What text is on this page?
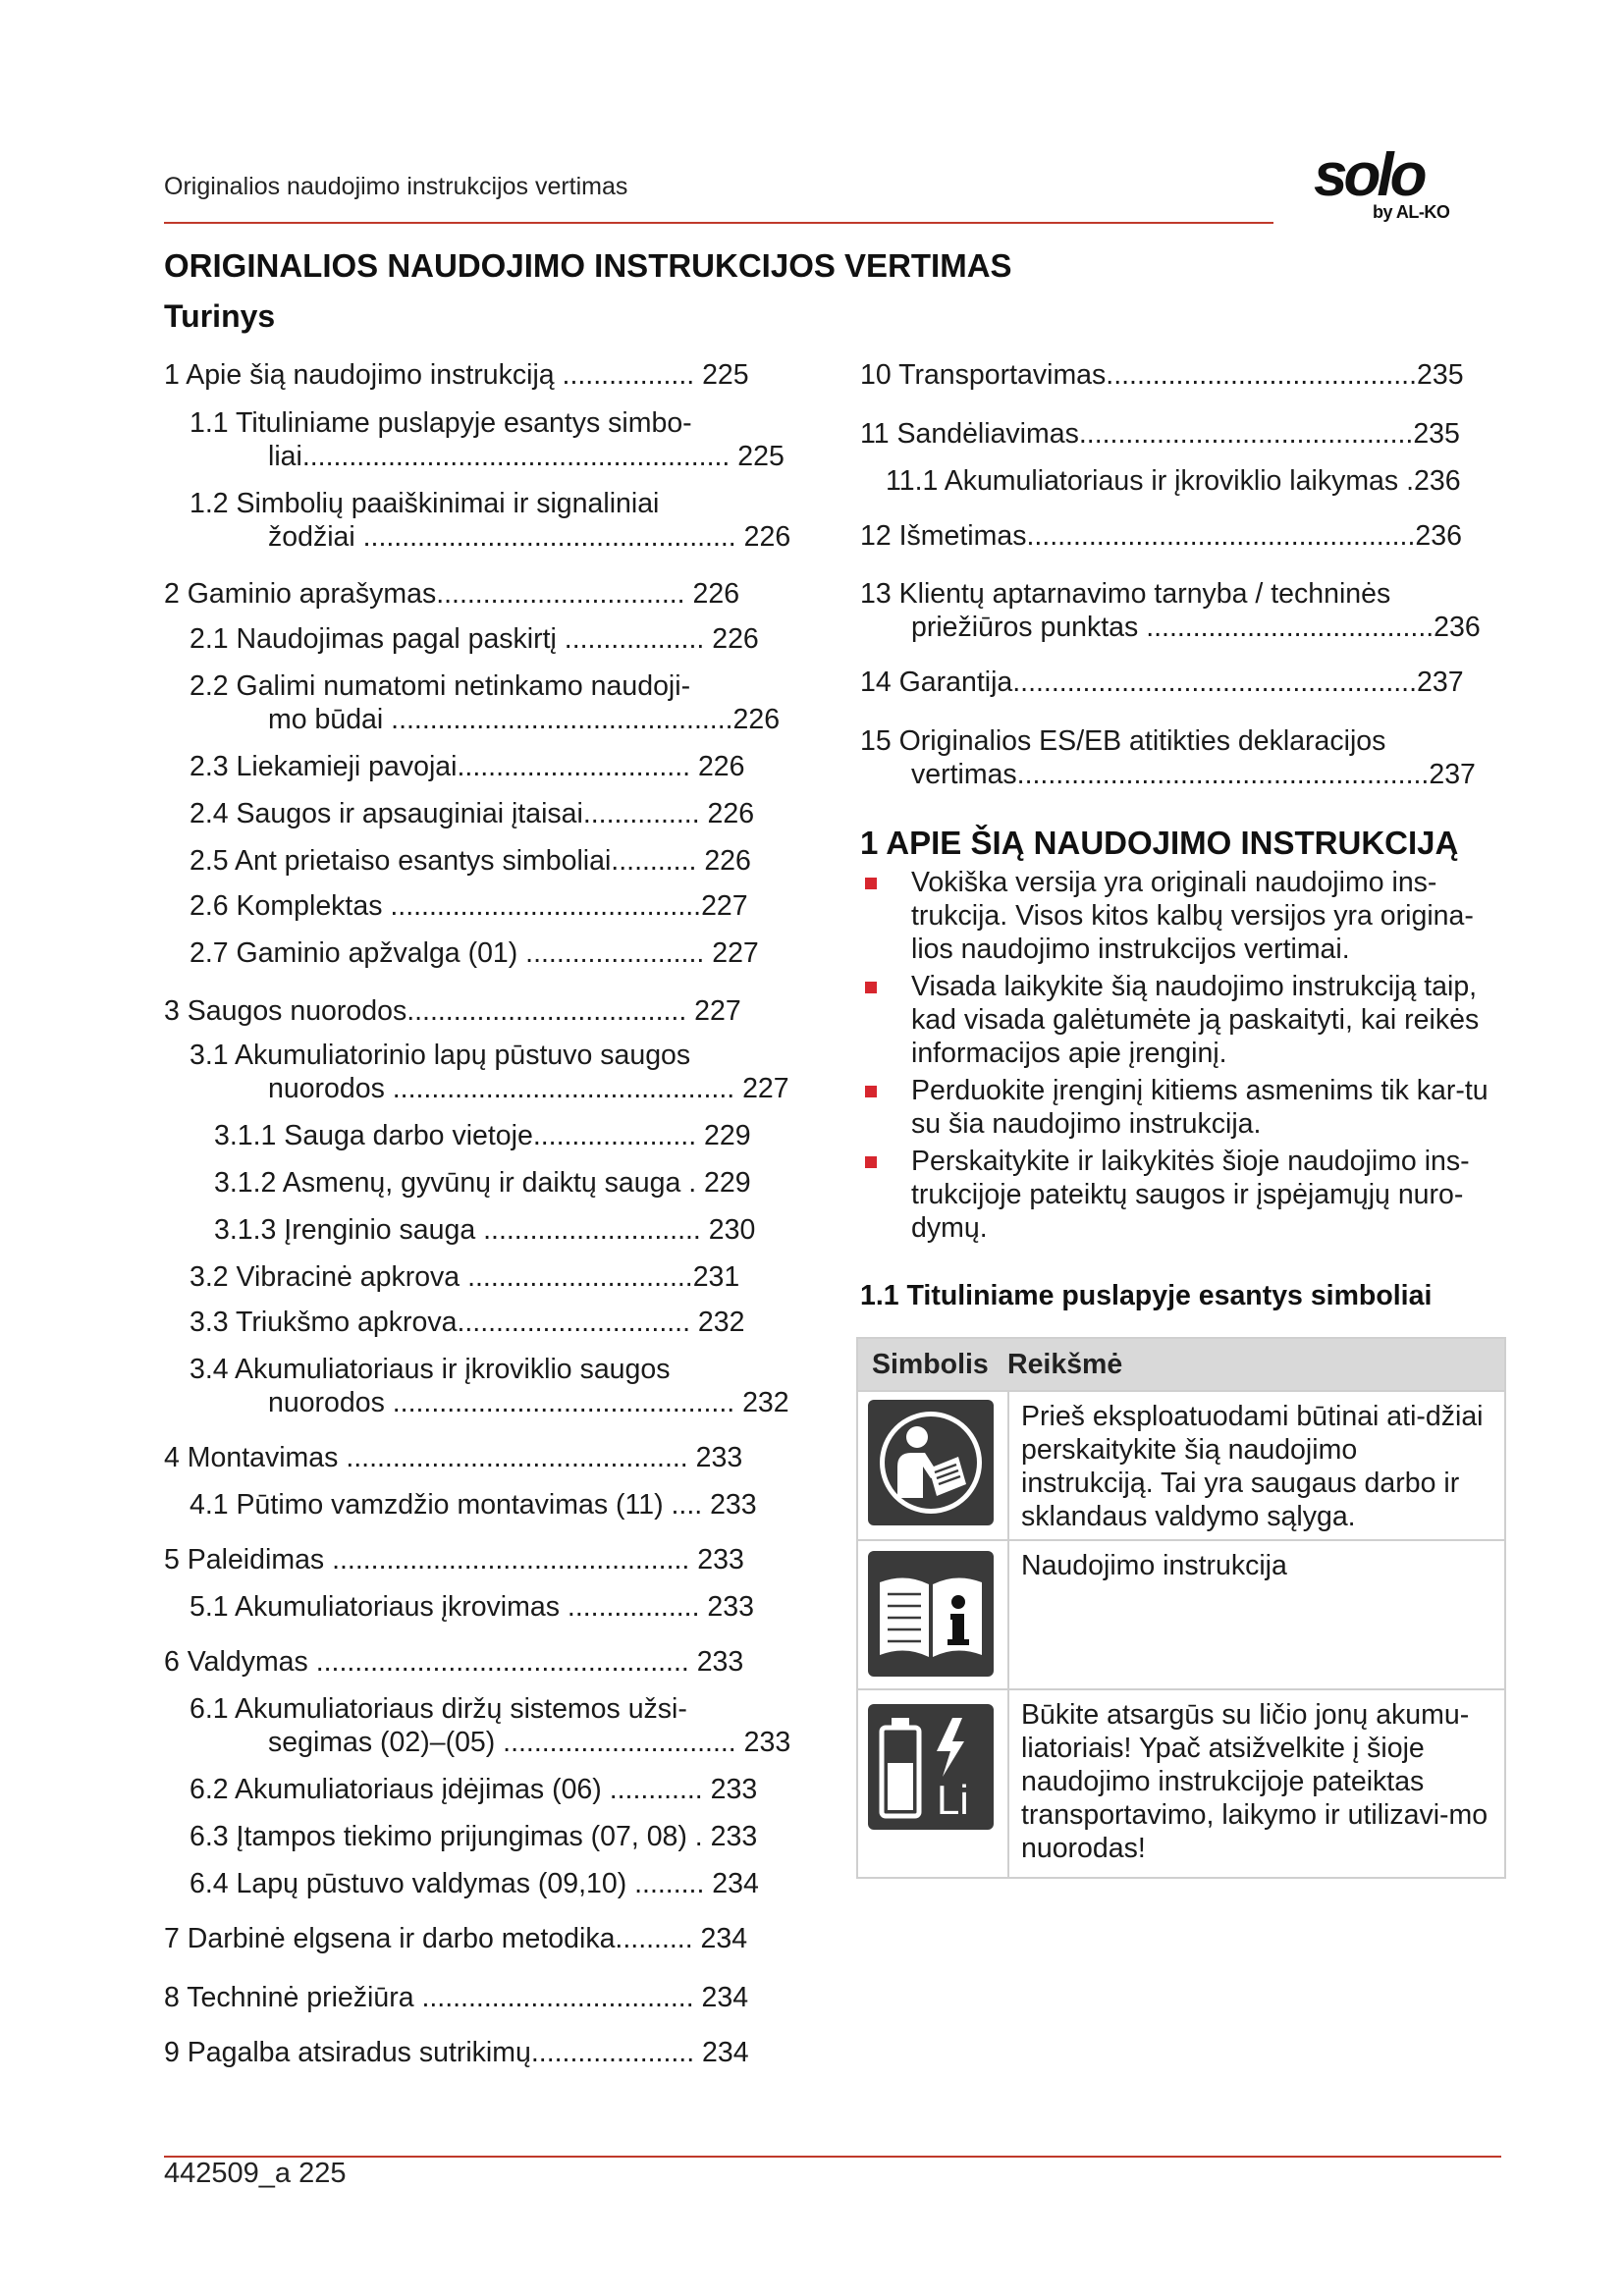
Originalios naudojimo instrukcijos vertimas	solo
by AL-KO
ORIGINALIOS NAUDOJIMO INSTRUKCIJOS VERTIMAS
Turinys
1 Apie šią naudojimo instrukciją ................. 225
1.1 Tituliniame puslapyje esantys simbo-
liai....................................................... 225
1.2 Simbolių paaiškinimai ir signaliniai
žodžiai ................................................ 226
2 Gaminio aprašymas................................ 226
2.1 Naudojimas pagal paskirtį .................. 226
2.2 Galimi numatomi netinkamo naudoji-
mo būdai ............................................226
2.3 Liekamieji pavojai.............................. 226
2.4 Saugos ir apsauginiai įtaisai............... 226
2.5 Ant prietaiso esantys simboliai........... 226
2.6 Komplektas ........................................227
2.7 Gaminio apžvalga (01) ....................... 227
3 Saugos nuorodos.................................... 227
3.1 Akumuliatorinio lapų pūstuvo saugos
nuorodos ............................................ 227
3.1.1 Sauga darbo vietoje..................... 229
3.1.2 Asmenų, gyvūnų ir daiktų sauga . 229
3.1.3 Įrenginio sauga ............................ 230
3.2 Vibracinė apkrova .............................231
3.3 Triukšmo apkrova.............................. 232
3.4 Akumuliatoriaus ir įkroviklio saugos
nuorodos ............................................ 232
4 Montavimas ............................................ 233
4.1 Pūtimo vamzdžio montavimas (11) .... 233
5 Paleidimas .............................................. 233
5.1 Akumuliatoriaus įkrovimas ................. 233
6 Valdymas ................................................ 233
6.1 Akumuliatoriaus diržų sistemos užsi-
segimas (02)–(05) .............................. 233
6.2 Akumuliatoriaus įdėjimas (06) ............ 233
6.3 Įtampos tiekimo prijungimas (07, 08) . 233
6.4 Lapų pūstuvo valdymas (09,10) ......... 234
7 Darbinė elgsena ir darbo metodika.......... 234
8 Techninė priežiūra ................................... 234
9 Pagalba atsiradus sutrikimų..................... 234
10 Transportavimas........................................235
11 Sandėliavimas...........................................235
11.1 Akumuliatoriaus ir įkroviklio laikymas .236
12 Išmetimas..................................................236
13 Klientų aptarnavimo tarnyba / techninės
priežiūros punktas .....................................236
14 Garantija....................................................237
15 Originalios ES/EB atitikties deklaracijos
vertimas.....................................................237
1 APIE ŠIĄ NAUDOJIMO INSTRUKCIJĄ
Vokiška versija yra originali naudojimo ins-trukcija. Visos kitos kalbų versijos yra origina-lios naudojimo instrukcijos vertimai.
Visada laikykite šią naudojimo instrukciją taip, kad visada galėtumėte ją paskaityti, kai reikės informacijos apie įrenginį.
Perduokite įrenginį kitiems asmenims tik kar-tu su šia naudojimo instrukcija.
Perskaitykite ir laikykitės šioje naudojimo ins-trukcijoje pateiktų saugos ir įspėjamųjų nuro-dymų.
1.1 Tituliniame puslapyje esantys simboliai
Simbolis Reikšmė
Prieš eksploatuodami būtinai ati-džiai perskaitykite šią naudojimo instrukciją. Tai yra saugaus darbo ir sklandaus valdymo sąlyga.
Naudojimo instrukcija
Li
Būkite atsargūs su ličio jonų akumu-liatoriais! Ypač atsižvelkite į šioje naudojimo instrukcijoje pateiktas transportavimo, laikymo ir utilizavi-mo nuorodas!
442509_a 225
